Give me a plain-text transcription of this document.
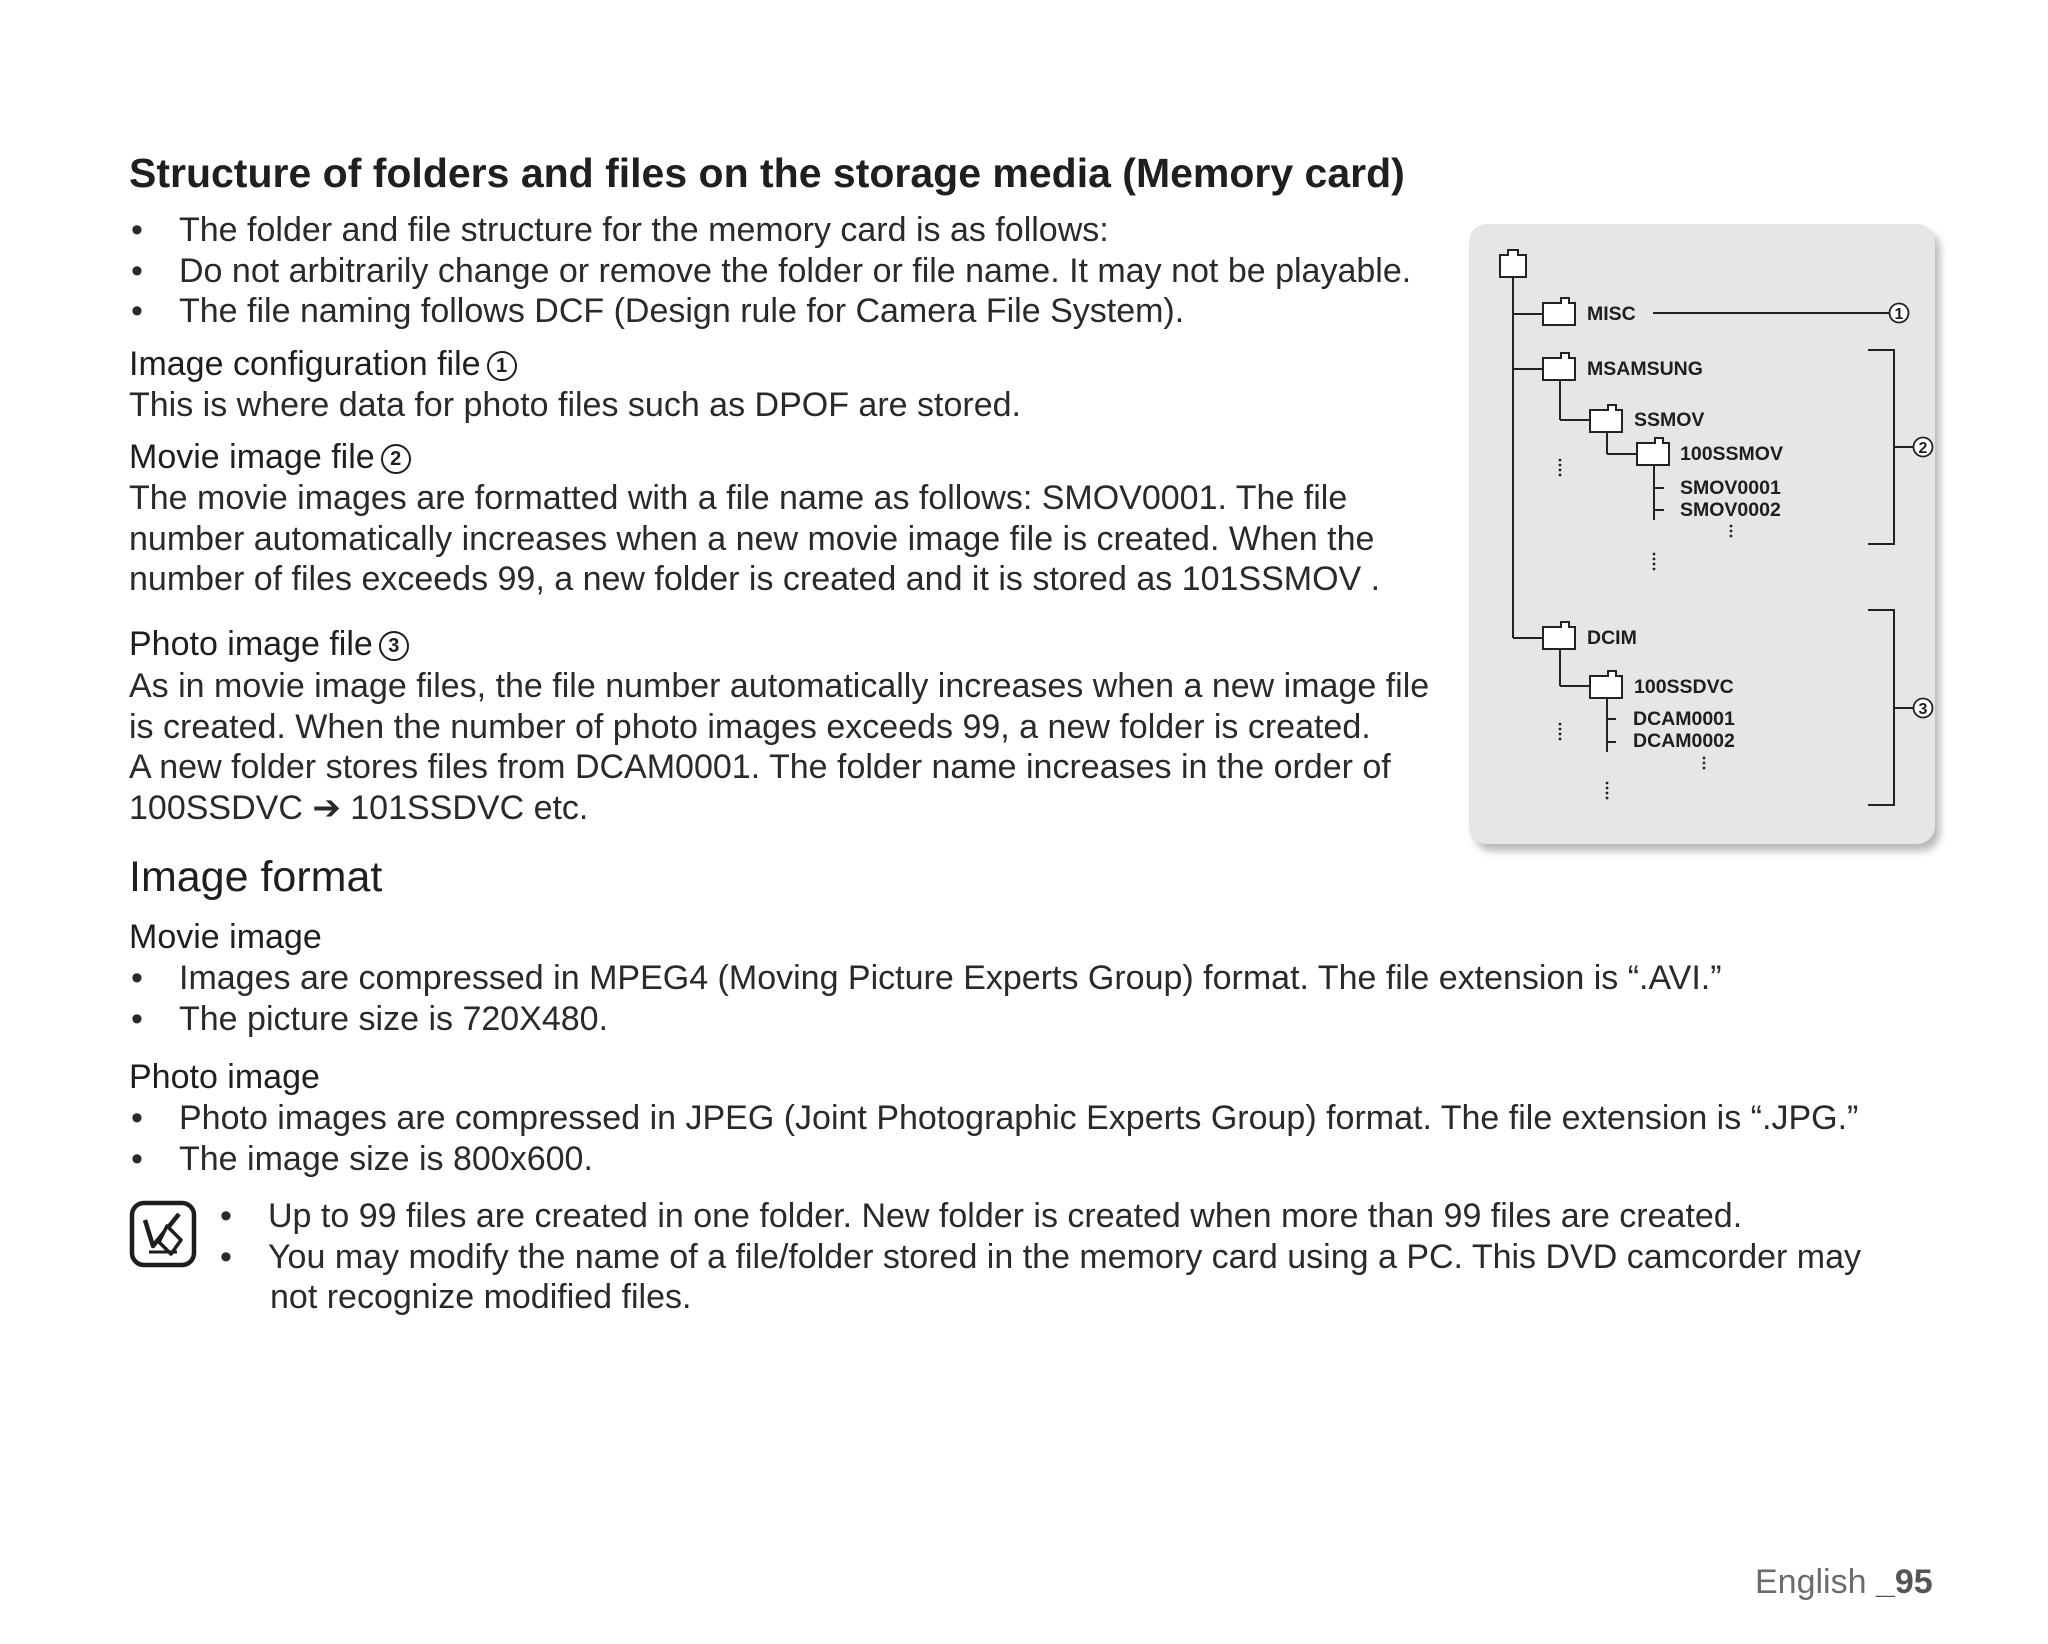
Structure of folders and files on the storage media (Memory card)
• The folder and file structure for the memory card is as follows:
• Do not arbitrarily change or remove the folder or file name. It may not be playable.
• The file naming follows DCF (Design rule for Camera File System).
Image configuration file 1
This is where data for photo files such as DPOF are stored.
Movie image file 2
The movie images are formatted with a file name as follows: SMOV0001. The file
number automatically increases when a new movie image file is created. When the
number of files exceeds 99, a new folder is created and it is stored as 101SSMOV .
Photo image file 3
As in movie image files, the file number automatically increases when a new image file
is created. When the number of photo images exceeds 99, a new folder is created.
A new folder stores files from DCAM0001. The folder name increases in the order of
100SSDVC ➔ 101SSDVC etc.
MISC
MSAMSUNG
SSMOV
100SSMOV
SMOV0001
SMOV0002
DCIM
100SSDVC
DCAM0001
DCAM0002
1
2
3
Image format
Movie image
• Images are compressed in MPEG4 (Moving Picture Experts Group) format. The file extension is “.AVI.”
• The picture size is 720X480.
Photo image
• Photo images are compressed in JPEG (Joint Photographic Experts Group) format. The file extension is “.JPG.”
• The image size is 800x600.
• Up to 99 files are created in one folder. New folder is created when more than 99 files are created.
• You may modify the name of a file/folder stored in the memory card using a PC. This DVD camcorder may
not recognize modified files.
English _95
